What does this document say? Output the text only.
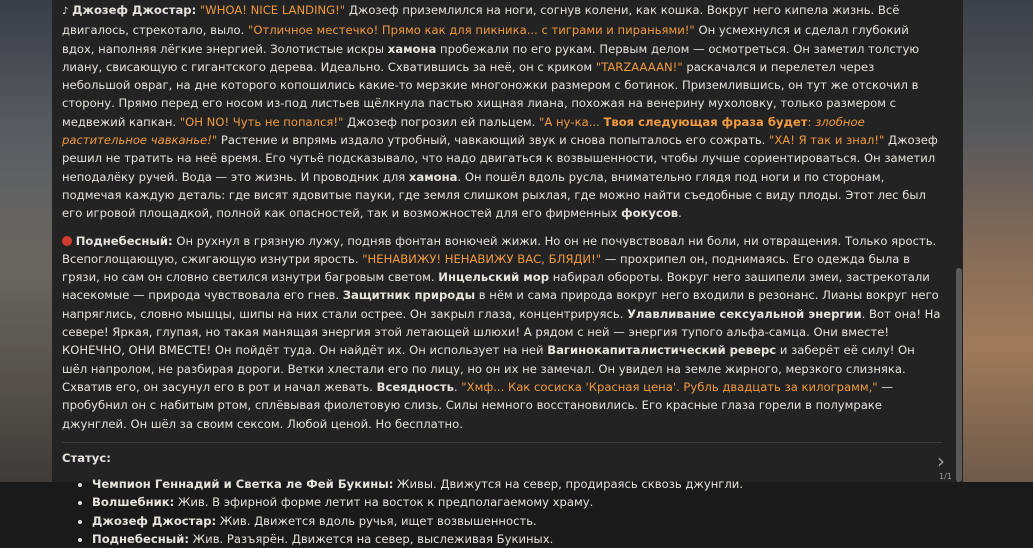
♪ Джозеф Джостар: "WHOA! NICE LANDING!" Джозеф приземлился на ноги, согнув колени, как кошка. Вокруг него кипела жизнь. Всё двигалось, стрекотало, выло. "Отличное местечко! Прямо как для пикника... с тиграми и пираньями!" Он усмехнулся и сделал глубокий вдох, наполняя лёгкие энергией. Золотистые искры хамона пробежали по его рукам. Первым делом — осмотреться. Он заметил толстую лиану, свисающую с гигантского дерева. Идеально. Схватившись за неё, он с криком "TARZAAAAN!" раскачался и перелетел через небольшой овраг, на дне которого копошились какие-то мерзкие многоножки размером с ботинок. Приземлившись, он тут же отскочил в сторону. Прямо перед его носом из-под листьев щёлкнула пастью хищная лиана, похожая на венерину мухоловку, только размером с медвежий капкан. "OH NO! Чуть не попался!" Джозеф погрозил ей пальцем. "А ну-ка... Твоя следующая фраза будет: злобное растительное чавканье!" Растение и впрямь издало утробный, чавкающий звук и снова попыталось его сожрать. "ХА! Я так и знал!" Джозеф решил не тратить на неё время. Его чутьё подсказывало, что надо двигаться к возвышенности, чтобы лучше сориентироваться. Он заметил неподалёку ручей. Вода — это жизнь. И проводник для хамона. Он пошёл вдоль русла, внимательно глядя под ноги и по сторонам, подмечая каждую деталь: где висят ядовитые пауки, где земля слишком рыхлая, где можно найти съедобные с виду плоды. Этот лес был его игровой площадкой, полной как опасностей, так и возможностей для его фирменных фокусов.

Поднебесный: Он рухнул в грязную лужу, подняв фонтан вонючей жижи. Но он не почувствовал ни боли, ни отвращения. Только ярость. Всепоглощающую, сжигающую изнутри ярость. "НЕНАВИЖУ! НЕНАВИЖУ ВАС, БЛЯДИ!" — прохрипел он, поднимаясь. Его одежда была в грязи, но сам он словно светился изнутри багровым светом. Инцельский мор набирал обороты. Вокруг него зашипели змеи, застрекотали насекомые — природа чувствовала его гнев. Защитник природы в нём и сама природа вокруг него входили в резонанс. Лианы вокруг него напряглись, словно мышцы, шипы на них стали острее. Он закрыл глаза, концентрируясь. Улавливание сексуальной энергии. Вот она! На севере! Яркая, глупая, но такая манящая энергия этой летающей шлюхи! А рядом с ней — энергия тупого альфа-самца. Они вместе! КОНЕЧНО, ОНИ ВМЕСТЕ! Он пойдёт туда. Он найдёт их. Он использует на ней Вагинокапиталистический реверс и заберёт её силу! Он шёл напролом, не разбирая дороги. Ветки хлестали его по лицу, но он их не замечал. Он увидел на земле жирного, мерзкого слизняка. Схватив его, он засунул его в рот и начал жевать. Всеядность. "Хмф... Как сосиска 'Красная цена'. Рубль двадцать за килограмм," — пробубнил он с набитым ртом, сплёвывая фиолетовую слизь. Силы немного восстановились. Его красные глаза горели в полумраке джунглей. Он шёл за своим сексом. Любой ценой. Но бесплатно.

Статус:

• Чемпион Геннадий и Светка ле Фей Букины: Живы. Движутся на север, продираясь сквозь джунгли.
• Волшебник: Жив. В эфирной форме летит на восток к предполагаемому храму.
• Джозеф Джостар: Жив. Движется вдоль ручья, ищет возвышенность.
• Поднебесный: Жив. Разъярён. Движется на север, выслеживая Букиных.
›
1/1
